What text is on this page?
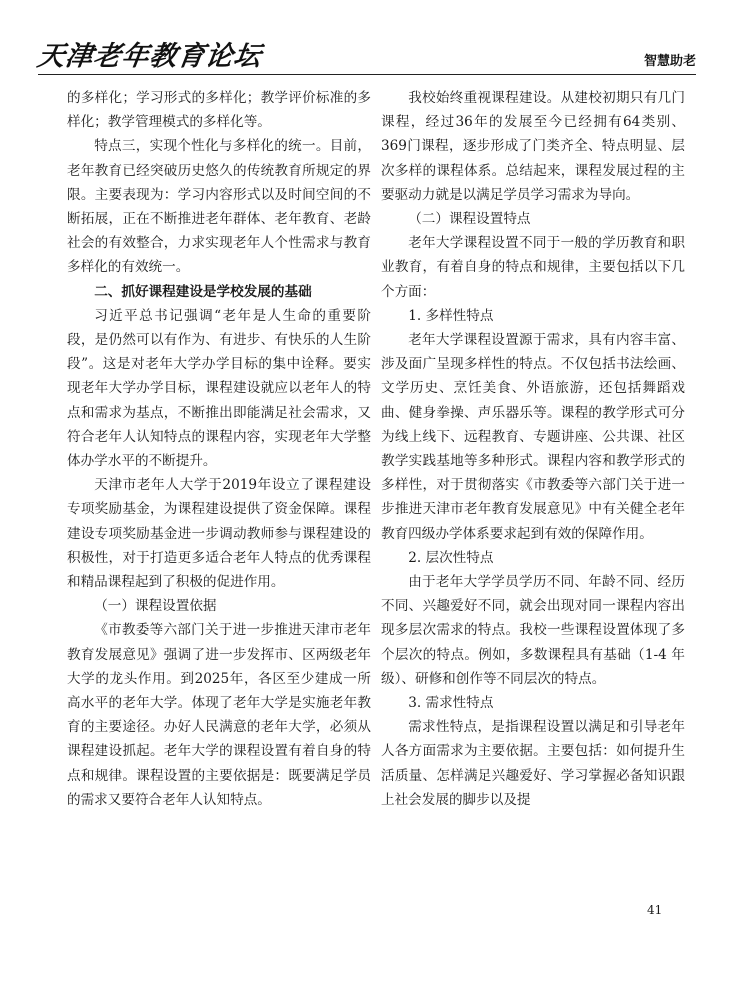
天津老年教育论坛	智慧助老

的多样化；学习形式的多样化；教学评价标准的多样化；教学管理模式的多样化等。

特点三，实现个性化与多样化的统一。目前，老年教育已经突破历史悠久的传统教育所规定的界限。主要表现为：学习内容形式以及时间空间的不断拓展，正在不断推进老年群体、老年教育、老龄社会的有效整合，力求实现老年人个性需求与教育多样化的有效统一。

二、抓好课程建设是学校发展的基础

习近平总书记强调“老年是人生命的重要阶段，是仍然可以有作为、有进步、有快乐的人生阶段”。这是对老年大学办学目标的集中诠释。要实现老年大学办学目标，课程建设就应以老年人的特点和需求为基点，不断推出即能满足社会需求，又符合老年人认知特点的课程内容，实现老年大学整体办学水平的不断提升。

天津市老年人大学于2019年设立了课程建设专项奖励基金，为课程建设提供了资金保障。课程建设专项奖励基金进一步调动教师参与课程建设的积极性，对于打造更多适合老年人特点的优秀课程和精品课程起到了积极的促进作用。

（一）课程设置依据

《市教委等六部门关于进一步推进天津市老年教育发展意见》强调了进一步发挥市、区两级老年大学的龙头作用。到2025年，各区至少建成一所高水平的老年大学。体现了老年大学是实施老年教育的主要途径。办好人民满意的老年大学，必须从课程建设抓起。老年大学的课程设置有着自身的特点和规律。课程设置的主要依据是：既要满足学员的需求又要符合老年人认知特点。

我校始终重视课程建设。从建校初期只有几门课程，经过36年的发展至今已经拥有64类别、369门课程，逐步形成了门类齐全、特点明显、层次多样的课程体系。总结起来，课程发展过程的主要驱动力就是以满足学员学习需求为导向。

（二）课程设置特点

老年大学课程设置不同于一般的学历教育和职业教育，有着自身的特点和规律，主要包括以下几个方面：

1. 多样性特点

老年大学课程设置源于需求，具有内容丰富、涉及面广呈现多样性的特点。不仅包括书法绘画、文学历史、烹饪美食、外语旅游，还包括舞蹈戏曲、健身拳操、声乐器乐等。课程的教学形式可分为线上线下、远程教育、专题讲座、公共课、社区教学实践基地等多种形式。课程内容和教学形式的多样性，对于贯彻落实《市教委等六部门关于进一步推进天津市老年教育发展意见》中有关健全老年教育四级办学体系要求起到有效的保障作用。

2. 层次性特点

由于老年大学学员学历不同、年龄不同、经历不同、兴趣爱好不同，就会出现对同一课程内容出现多层次需求的特点。我校一些课程设置体现了多个层次的特点。例如，多数课程具有基础（1-4 年级）、研修和创作等不同层次的特点。

3. 需求性特点

需求性特点，是指课程设置以满足和引导老年人各方面需求为主要依据。主要包括：如何提升生活质量、怎样满足兴趣爱好、学习掌握必备知识跟上社会发展的脚步以及提

41
